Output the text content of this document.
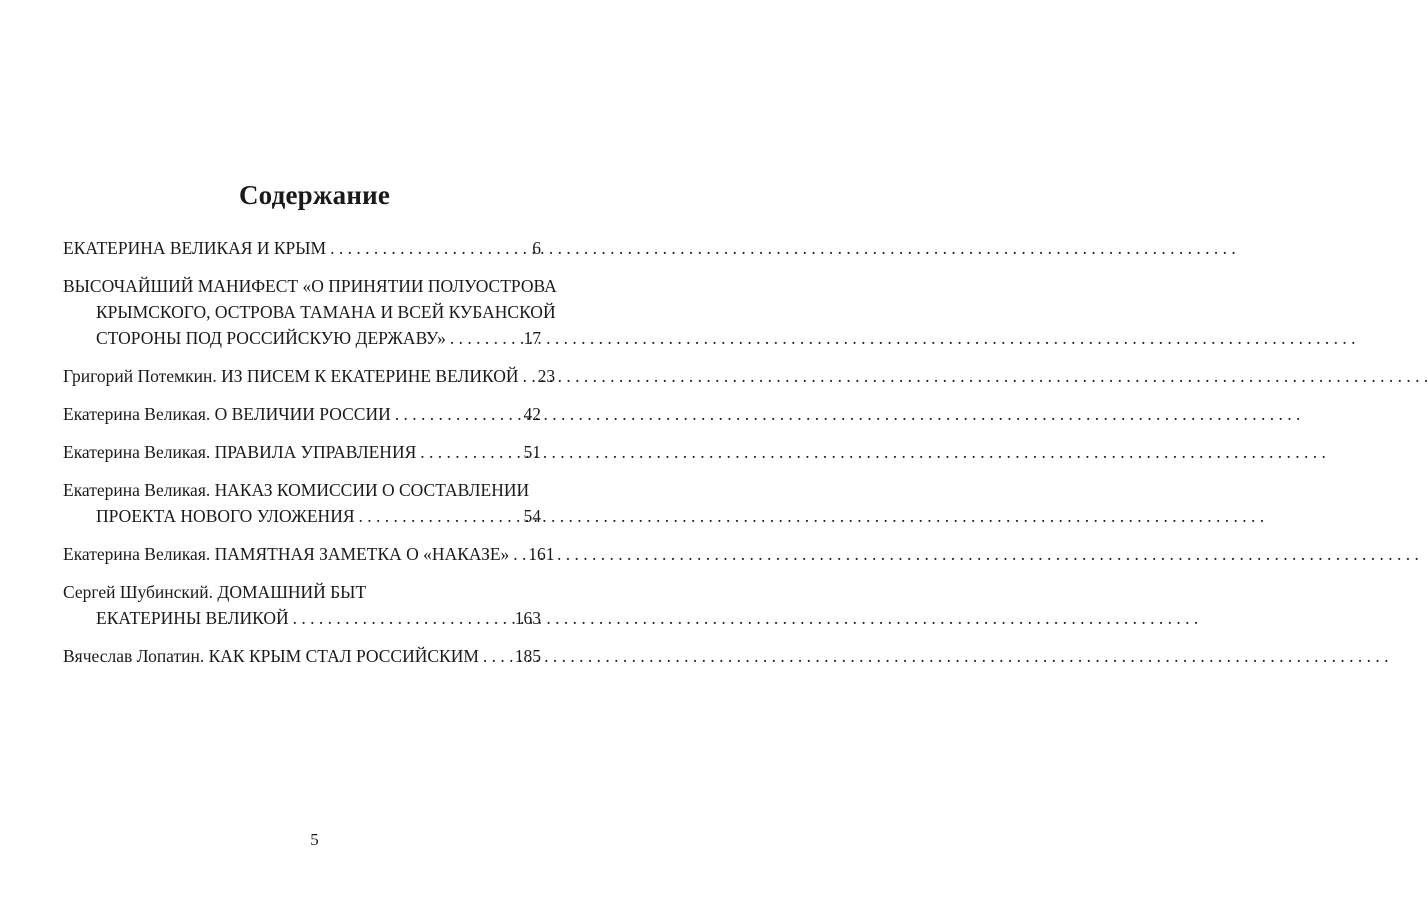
Содержание
ЕКАТЕРИНА ВЕЛИКАЯ И КРЫМ . . .	6
ВЫСОЧАЙШИЙ МАНИФЕСТ «О ПРИНЯТИИ ПОЛУОСТРОВА
КРЫМСКОГО, ОСТРОВА ТАМАНА И ВСЕЙ КУБАНСКОЙ
СТОРОНЫ ПОД РОССИЙСКУЮ ДЕРЖАВУ» . . .	17
Григорий Потемкин. ИЗ ПИСЕМ К ЕКАТЕРИНЕ ВЕЛИКОЙ . . . 23
Екатерина Великая. О ВЕЛИЧИИ РОССИИ . . .	42
Екатерина Великая. ПРАВИЛА УПРАВЛЕНИЯ . . .	51
Екатерина Великая. НАКАЗ КОМИССИИ О СОСТАВЛЕНИИ
ПРОЕКТА НОВОГО УЛОЖЕНИЯ . . .	54
Екатерина Великая. ПАМЯТНАЯ ЗАМЕТКА О «НАКАЗЕ» . . . 161
Сергей Шубинский. ДОМАШНИЙ БЫТ
ЕКАТЕРИНЫ ВЕЛИКОЙ . . .	163
Вячеслав Лопатин. КАК КРЫМ СТАЛ РОССИЙСКИМ . . . 185
5
